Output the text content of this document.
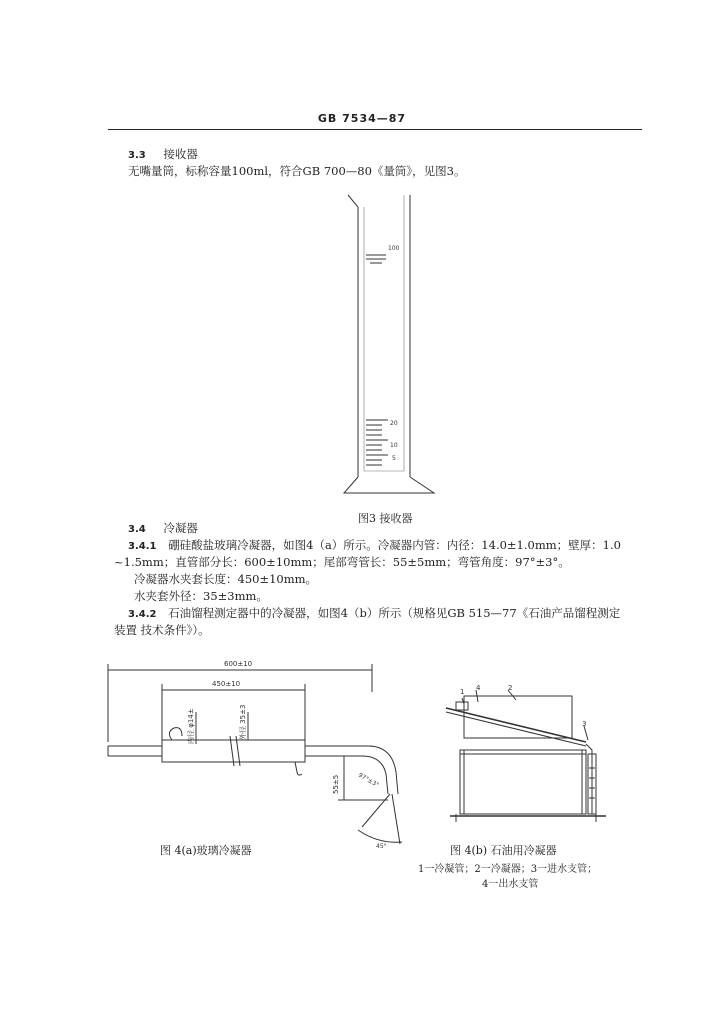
GB 7534—87
3.3 接收器
无嘴量筒，标称容量100ml，符合GB 700—80《量筒》，见图3。
100
20
10
5
图3 接收器
3.4 冷凝器
3.4.1 硼硅酸盐玻璃冷凝器，如图4（a）所示。冷凝器内管：内径：14.0±1.0mm；壁厚：1.0
~1.5mm；直管部分长：600±10mm；尾部弯管长：55±5mm；弯管角度：97°±3°。
冷凝器水夹套长度：450±10mm。
水夹套外径：35±3mm。
3.4.2 石油馏程测定器中的冷凝器，如图4（b）所示（规格见GB 515—77《石油产品馏程测定
装置 技术条件》）。
600±10
450±10
内径 φ14±	外径 35±3
55±5	97°±3°
45°
图 4(a)玻璃冷凝器
1 4	2
3
图 4(b) 石油用冷凝器
1一冷凝管；2一冷凝器；3一进水支管；
4一出水支管
